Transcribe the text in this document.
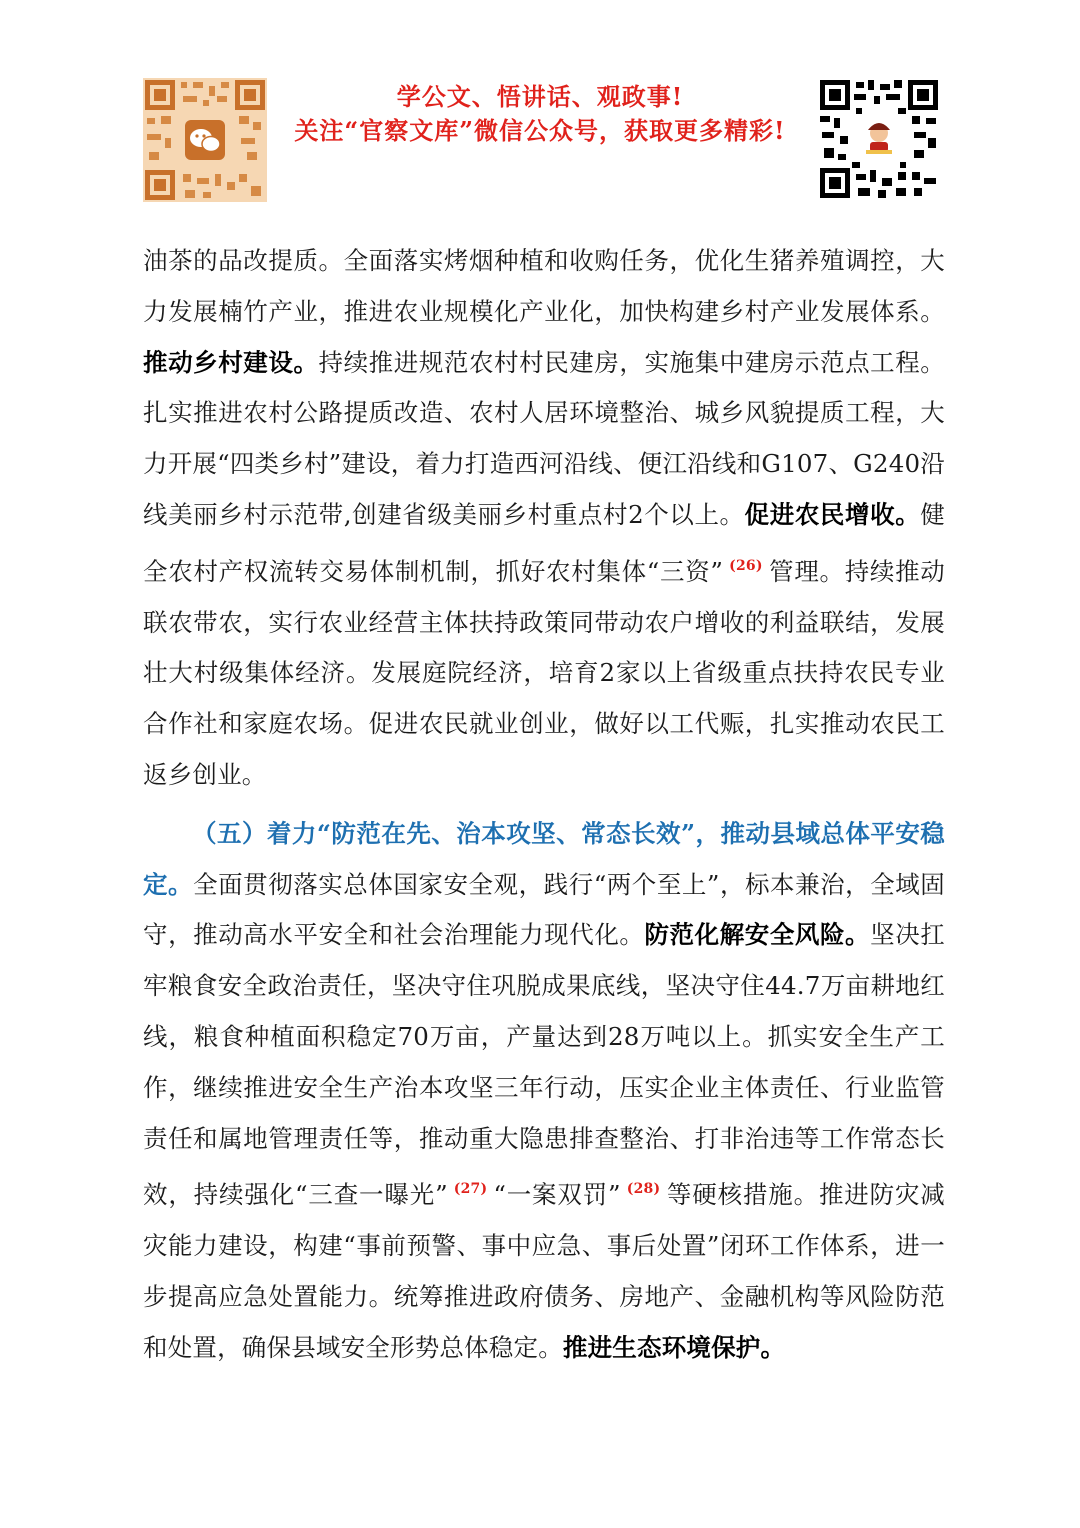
学公文、悟讲话、观政事!
关注“官察文库”微信公众号，获取更多精彩!

油茶的品改提质。全面落实烤烟种植和收购任务，优化生猪养殖调控，大力发展楠竹产业，推进农业规模化产业化，加快构建乡村产业发展体系。推动乡村建设。持续推进规范农村村民建房，实施集中建房示范点工程。扎实推进农村公路提质改造、农村人居环境整治、城乡风貌提质工程，大力开展“四类乡村”建设，着力打造西河沿线、便江沿线和G107、G240沿线美丽乡村示范带,创建省级美丽乡村重点村2个以上。促进农民增收。健全农村产权流转交易体制机制，抓好农村集体“三资” $^{(26)}$ 管理。持续推动联农带农，实行农业经营主体扶持政策同带动农户增收的利益联结，发展壮大村级集体经济。发展庭院经济，培育2家以上省级重点扶持农民专业合作社和家庭农场。促进农民就业创业，做好以工代赈，扎实推动农民工返乡创业。

（五）着力“防范在先、治本攻坚、常态长效”，推动县域总体平安稳定。全面贯彻落实总体国家安全观，践行“两个至上”，标本兼治，全域固守，推动高水平安全和社会治理能力现代化。防范化解安全风险。坚决扛牢粮食安全政治责任，坚决守住巩脱成果底线，坚决守住44.7万亩耕地红线，粮食种植面积稳定70万亩，产量达到28万吨以上。抓实安全生产工作，继续推进安全生产治本攻坚三年行动，压实企业主体责任、行业监管责任和属地管理责任等，推动重大隐患排查整治、打非治违等工作常态长效，持续强化“三查一曝光” $^{(27)}$ “一案双罚” $^{(28)}$ 等硬核措施。推进防灾减灾能力建设，构建“事前预警、事中应急、事后处置”闭环工作体系，进一步提高应急处置能力。统筹推进政府债务、房地产、金融机构等风险防范和处置，确保县域安全形势总体稳定。推进生态环境保护。
